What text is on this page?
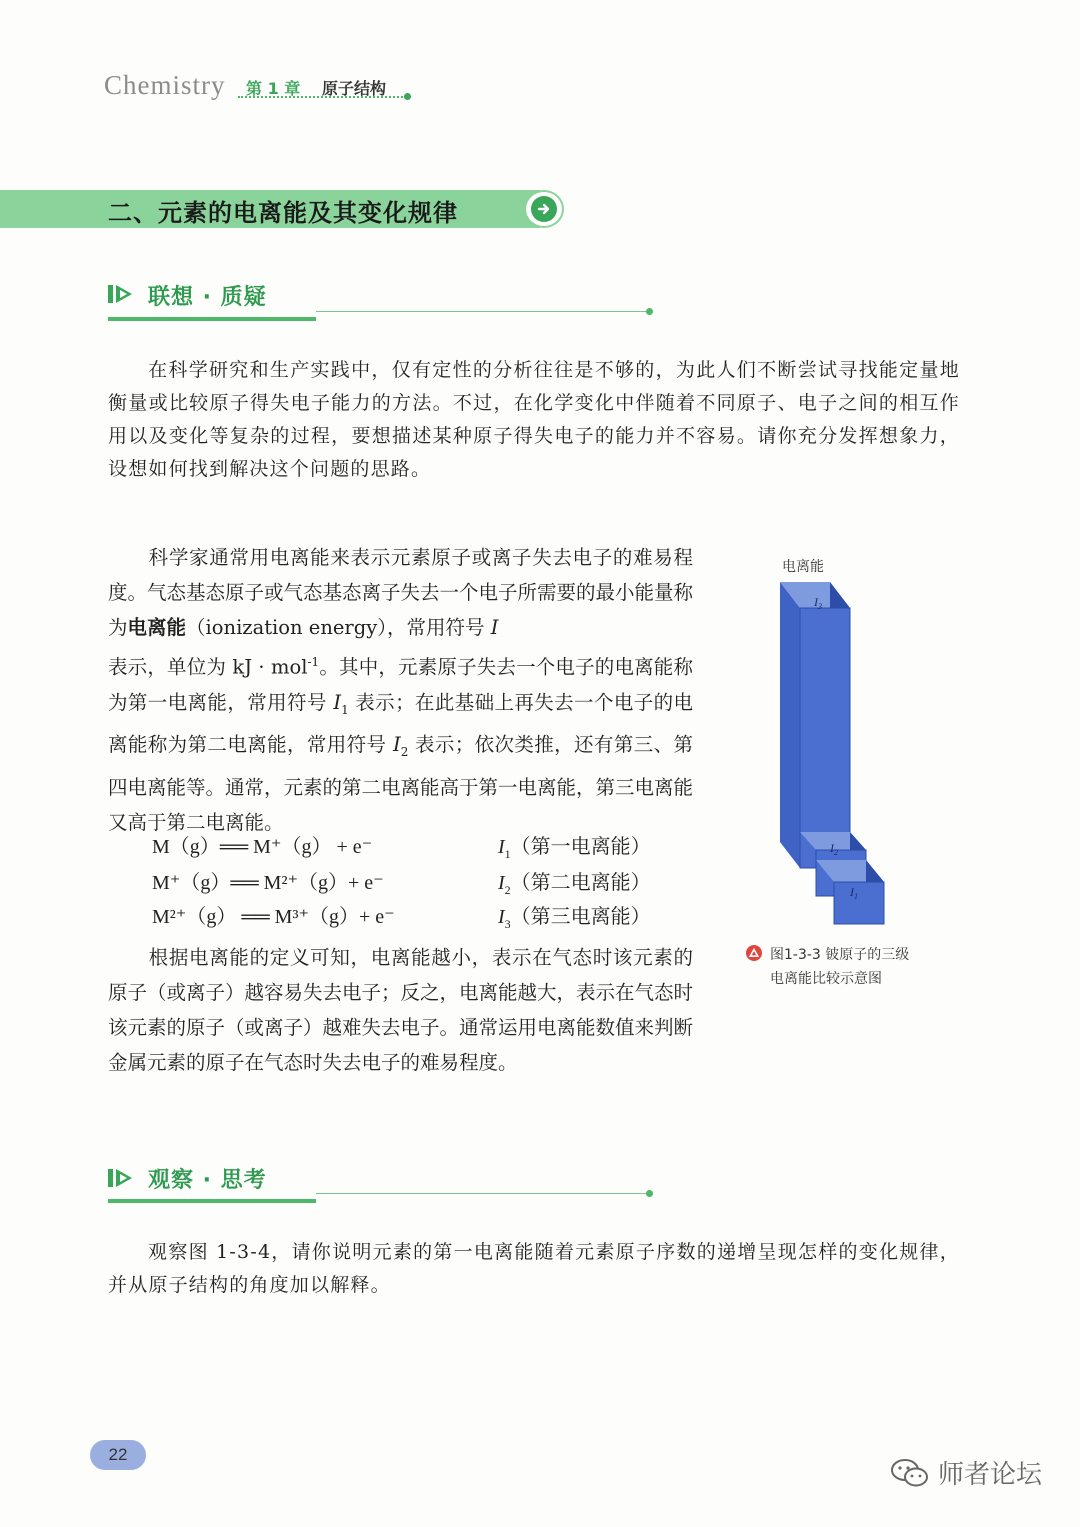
Chemistry 第 1 章 原子结构
二、元素的电离能及其变化规律
联想 · 质疑

在科学研究和生产实践中，仅有定性的分析往往是不够的，为此人们不断尝试寻找能定量地衡量或比较原子得失电子能力的方法。不过，在化学变化中伴随着不同原子、电子之间的相互作用以及变化等复杂的过程，要想描述某种原子得失电子的能力并不容易。请你充分发挥想象力，设想如何找到解决这个问题的思路。

科学家通常用电离能来表示元素原子或离子失去电子的难易程度。气态基态原子或气态基态离子失去一个电子所需要的最小能量称为电离能（ionization energy），常用符号 I
表示，单位为 kJ · mol$^{-1}$。其中，元素原子失去一个电子的电离能称为第一电离能，常用符号 $I_1$ 表示；在此基础上再失去一个电子的电离能称为第二电离能，常用符号 $I_2$ 表示；依次类推，还有第三、第四电离能等。通常，元素的第二电离能高于第一电离能，第三电离能又高于第二电离能。

M（g）══ M⁺（g） + e⁻	$I_1$（第一电离能）
M⁺（g）══ M²⁺（g）+ e⁻	$I_2$（第二电离能）
M²⁺（g） ══ M³⁺（g）+ e⁻	$I_3$（第三电离能）

根据电离能的定义可知，电离能越小，表示在气态时该元素的原子（或离子）越容易失去电子；反之，电离能越大，表示在气态时该元素的原子（或离子）越难失去电子。通常运用电离能数值来判断金属元素的原子在气态时失去电子的难易程度。

电离能
$I_3$
$I_2$
$I_1$
图1-3-3 铍原子的三级
电离能比较示意图
观察 · 思考

观察图 1-3-4，请你说明元素的第一电离能随着元素原子序数的递增呈现怎样的变化规律，并从原子结构的角度加以解释。

22
师者论坛
